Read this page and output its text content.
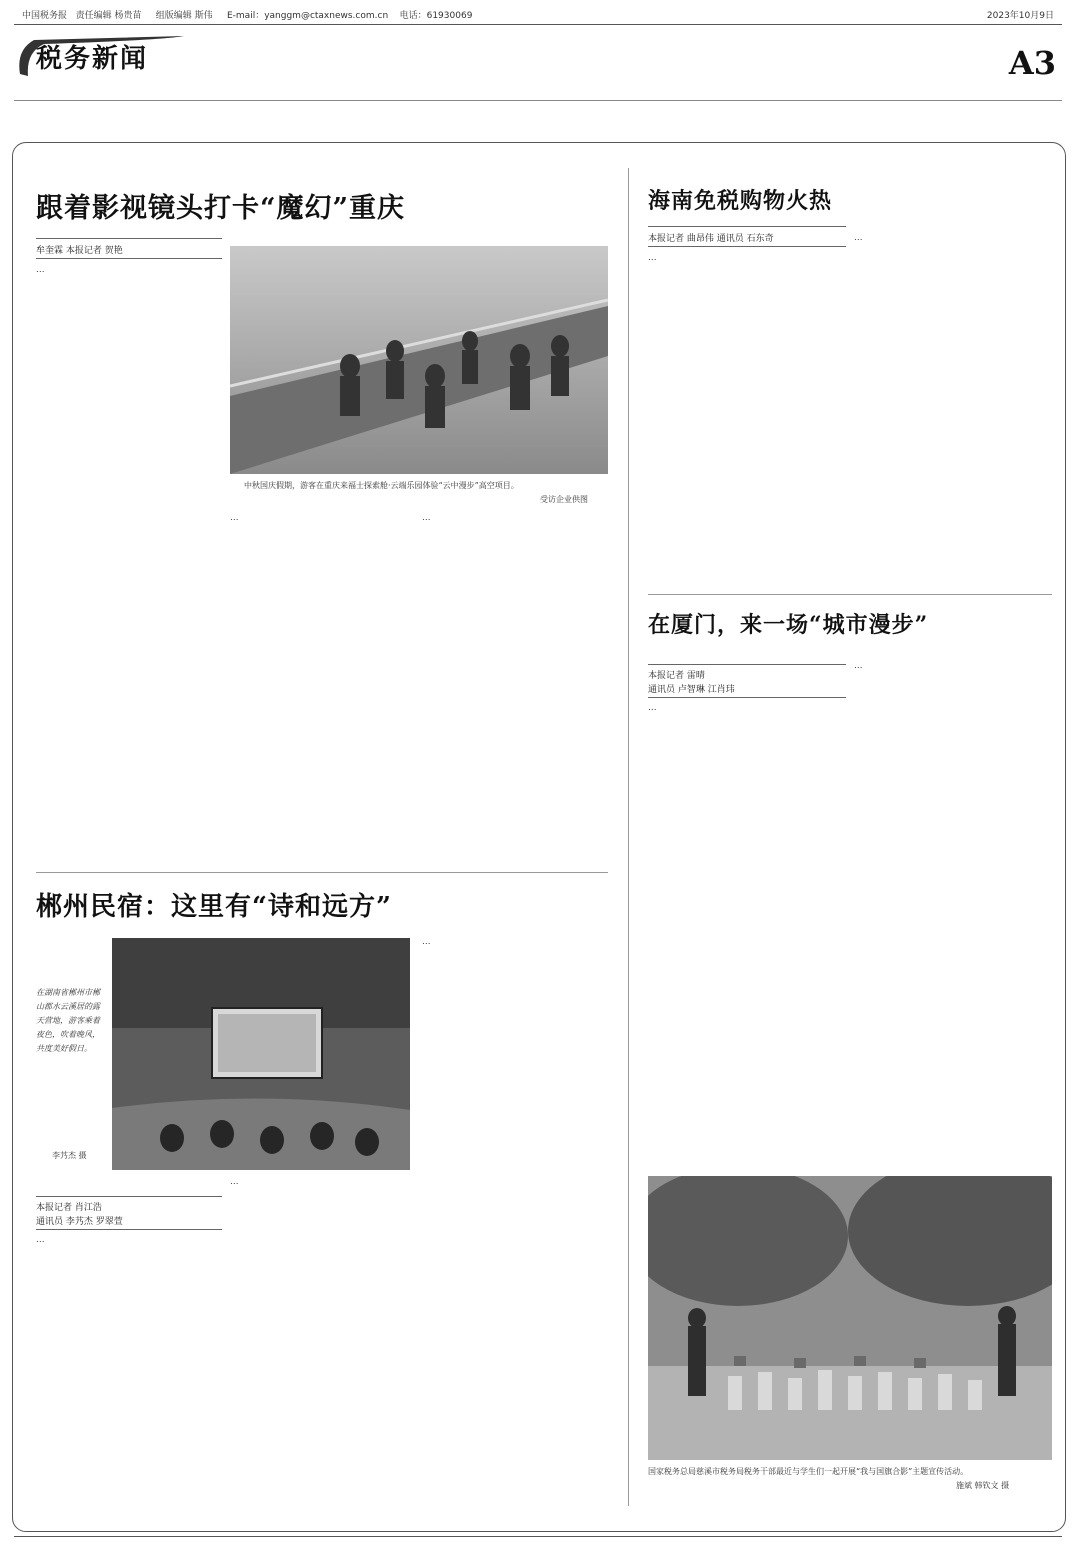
中国税务报 责任编辑 杨贵苗 组版编辑 斯伟 E-mail：yanggm@ctaxnews.com.cn 电话：61930069	2023年10月9日
税务新闻	A3
跟着影视镜头打卡“魔幻”重庆
牟奎霖 本报记者 贺艳
…
中秋国庆假期，游客在重庆来福士探索舱·云端乐园体验“云中漫步”高空项目。
受访企业供图
…	…
郴州民宿：这里有“诗和远方”
在湖南省郴州市郴山郡水云溪居的露天营地，游客乘着夜色，吹着晚风，共度美好假日。
李艿杰 摄
本报记者 肖江浩
通讯员 李艿杰 罗翠萱
…
…
…
海南免税购物火热
本报记者 曲昂伟 通讯员 石东奇
…
…
在厦门，来一场“城市漫步”
本报记者 雷晴
通讯员 卢智琳 江肖玮
…
…
国家税务总局慈溪市税务局税务干部最近与学生们一起开展“我与国旗合影”主题宣传活动。
施斌 韩钦文 摄
